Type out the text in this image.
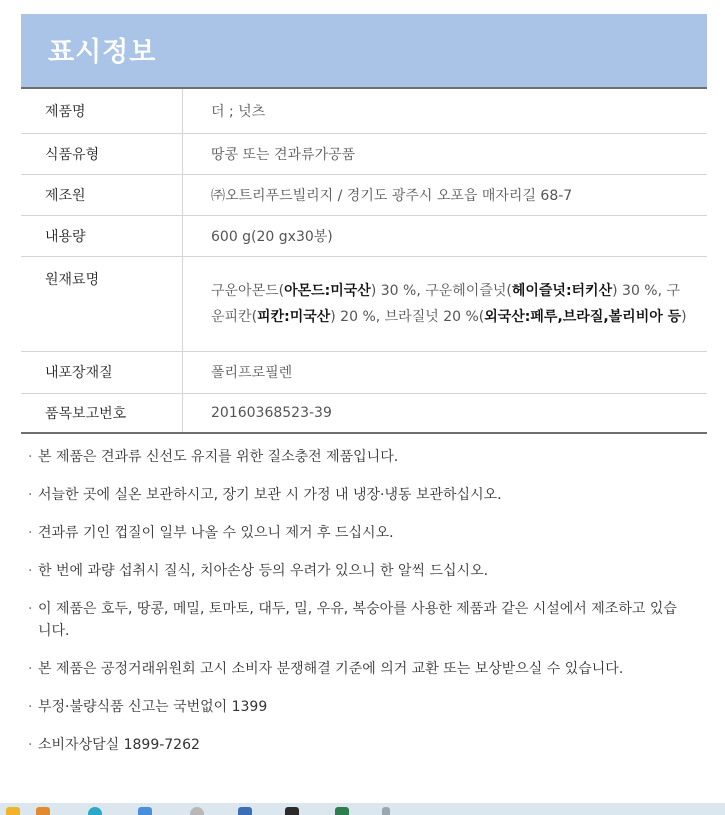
표시정보
제품명	더 ; 넛츠
식품유형	땅콩 또는 견과류가공품
제조원	㈜오트리푸드빌리지 / 경기도 광주시 오포읍 매자리길 68-7
내용량	600 g(20 gx30봉)
원재료명	구운아몬드(아몬드:미국산) 30 %, 구운헤이즐넛(헤이즐넛:터키산) 30 %, 구운피칸(피칸:미국산) 20 %, 브라질넛 20 %(외국산:페루,브라질,볼리비아 등)
내포장재질	폴리프로필렌
품목보고번호	20160368523-39
· 본 제품은 견과류 신선도 유지를 위한 질소충전 제품입니다.
· 서늘한 곳에 실온 보관하시고, 장기 보관 시 가정 내 냉장·냉동 보관하십시오.
· 견과류 기인 껍질이 일부 나올 수 있으니 제거 후 드십시오.
· 한 번에 과량 섭취시 질식, 치아손상 등의 우려가 있으니 한 알씩 드십시오.
· 이 제품은 호두, 땅콩, 메밀, 토마토, 대두, 밀, 우유, 복숭아를 사용한 제품과 같은 시설에서 제조하고 있습니다.
· 본 제품은 공정거래위원회 고시 소비자 분쟁해결 기준에 의거 교환 또는 보상받으실 수 있습니다.
· 부정·불량식품 신고는 국번없이 1399
· 소비자상담실 1899-7262
